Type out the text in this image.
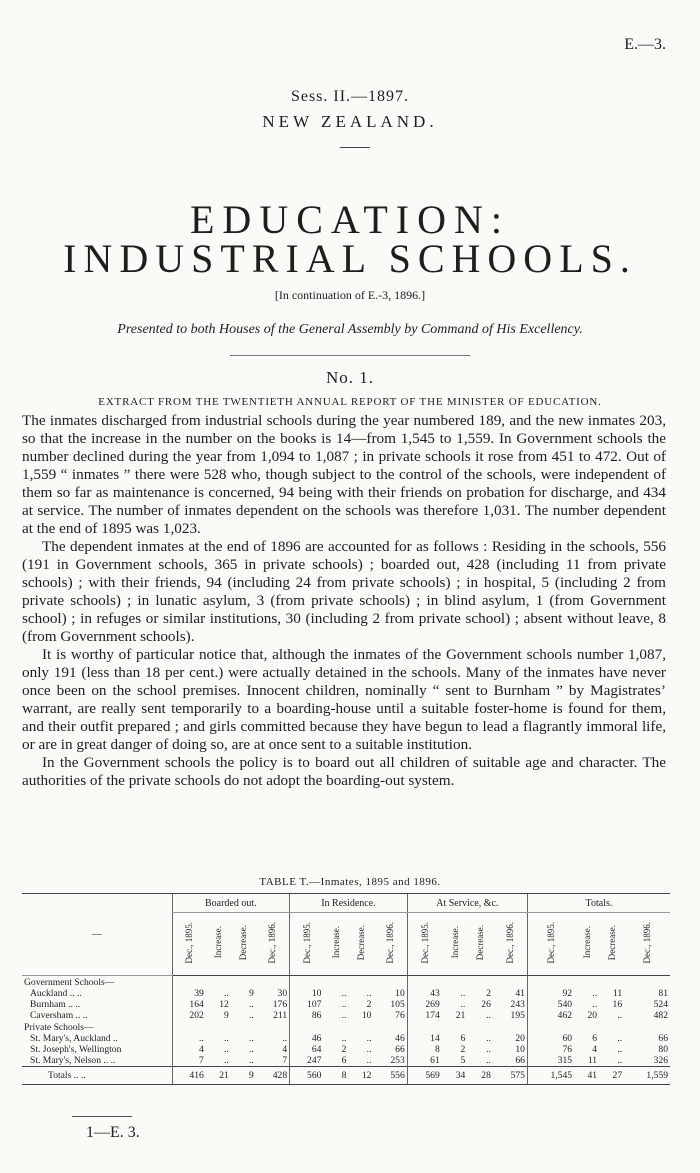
E.—3.
Sess. II.—1897.
NEW ZEALAND.
EDUCATION:
INDUSTRIAL SCHOOLS.
[In continuation of E.-3, 1896.]
Presented to both Houses of the General Assembly by Command of His Excellency.
No. 1.
EXTRACT FROM THE TWENTIETH ANNUAL REPORT OF THE MINISTER OF EDUCATION.

The inmates discharged from industrial schools during the year numbered 189, and the new inmates 203, so that the increase in the number on the books is 14—from 1,545 to 1,559. In Government schools the number declined during the year from 1,094 to 1,087 ; in private schools it rose from 451 to 472. Out of 1,559 “ inmates ” there were 528 who, though subject to the control of the schools, were independent of them so far as maintenance is concerned, 94 being with their friends on probation for discharge, and 434 at service. The number of inmates dependent on the schools was therefore 1,031. The number dependent at the end of 1895 was 1,023.

The dependent inmates at the end of 1896 are accounted for as follows : Residing in the schools, 556 (191 in Government schools, 365 in private schools) ; boarded out, 428 (including 11 from private schools) ; with their friends, 94 (including 24 from private schools) ; in hospital, 5 (including 2 from private schools) ; in lunatic asylum, 3 (from private schools) ; in blind asylum, 1 (from Government school) ; in refuges or similar institutions, 30 (including 2 from private school) ; absent without leave, 8 (from Government schools).

It is worthy of particular notice that, although the inmates of the Government schools number 1,087, only 191 (less than 18 per cent.) were actually detained in the schools. Many of the inmates have never once been on the school premises. Innocent children, nominally “ sent to Burnham ” by Magistrates’ warrant, are really sent temporarily to a boarding-house until a suitable foster-home is found for them, and their outfit prepared ; and girls committed because they have begun to lead a flagrantly immoral life, or are in great danger of doing so, are at once sent to a suitable institution.

In the Government schools the policy is to board out all children of suitable age and character. The authorities of the private schools do not adopt the boarding-out system.

TABLE T.—Inmates, 1895 and 1896.
—	Boarded out.				In Residence.				At Service, &c.				Totals.			
	Dec., 1895.	Increase.	Decrease.	Dec., 1896.	Dec., 1895.	Increase.	Decrease.	Dec., 1896.	Dec., 1895.	Increase.	Decrease.	Dec., 1896.	Dec., 1895.	Increase.	Decrease.	Dec., 1896.
Government Schools—																
Auckland .. ..	39	..	9	30	10	..	..	10	43	..	2	41	92	..	11	81
Burnham .. ..	164	12	..	176	107	..	2	105	269	..	26	243	540	..	16	524
Caversham .. ..	202	9	..	211	86	..	10	76	174	21	..	195	462	20	..	482
Private Schools—																
St. Mary's, Auckland ..	..	..	..	..	46	..	..	46	14	6	..	20	60	6	..	66
St. Joseph's, Wellington	4	..	..	4	64	2	..	66	8	2	..	10	76	4	..	80
St. Mary's, Nelson .. ..	7	..	..	7	247	6	..	253	61	5	..	66	315	11	..	326
Totals .. ..	416	21	9	428	560	8	12	556	569	34	28	575	1,545	41	27	1,559
1—E. 3.
